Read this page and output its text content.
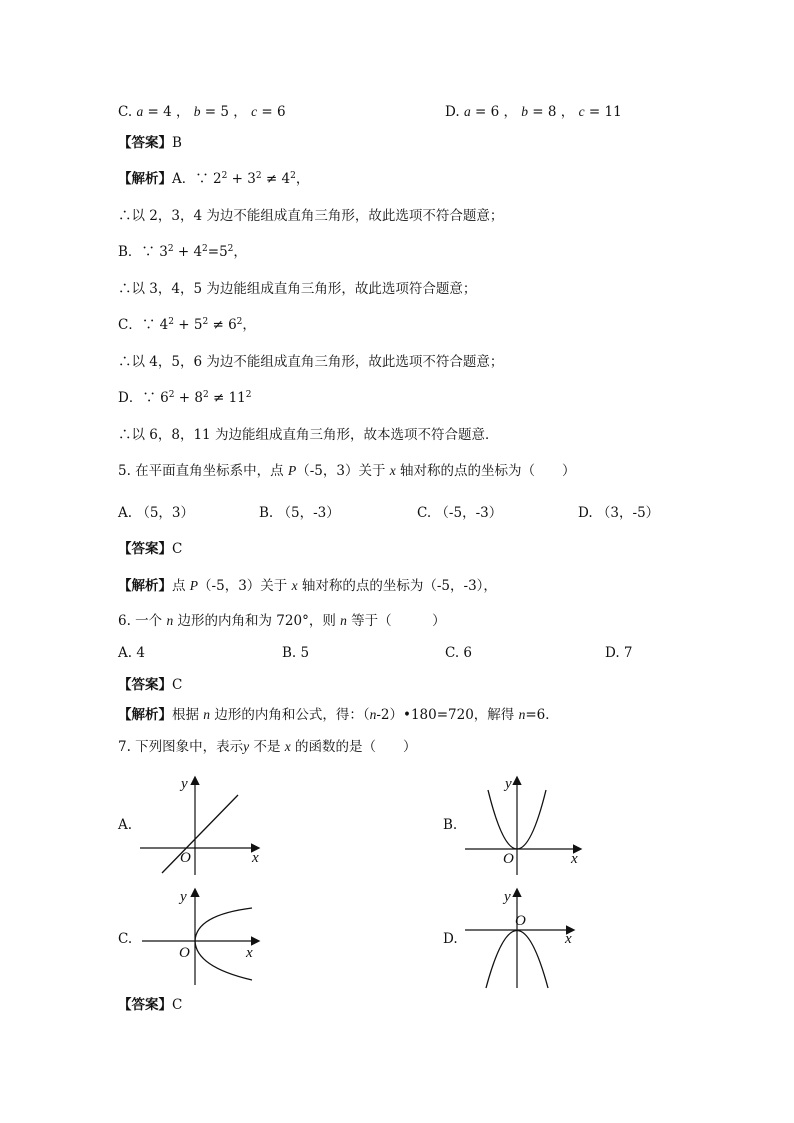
C. a = 4 ， b = 5 ， c = 6	D. a = 6 ， b = 8 ， c = 11
【答案】B
【解析】A．∵ $2^2 + 3^2 \ne 4^2$，
∴以 2，3，4 为边不能组成直角三角形，故此选项不符合题意；
B．∵ $3^2 + 4^2=5^2$，
∴以 3，4，5 为边能组成直角三角形，故此选项符合题意；
C．∵ $4^2 + 5^2 \ne 6^2$，
∴以 4，5，6 为边不能组成直角三角形，故此选项不符合题意；
D．∵ $6^2 + 8^2 \ne 11^2$
∴以 6，8，11 为边能组成直角三角形，故本选项不符合题意．
5. 在平面直角坐标系中，点 P（-5，3）关于 x 轴对称的点的坐标为（　　）
A. （5，3）	B. （5，-3）	C. （-5，-3）	D. （3，-5）
【答案】C
【解析】点 P（-5，3）关于 x 轴对称的点的坐标为（-5，-3），
6. 一个 n 边形的内角和为 720°，则 n 等于（　　　）
A. 4	B. 5	C. 6	D. 7
【答案】C
【解析】根据 n 边形的内角和公式，得：（n-2）•180=720，解得 n=6．
7. 下列图象中，表示y 不是 x 的函数的是（　　）
A.	B.
C.	D.
x
y
O	x
y
O
x
y
O
x
y
O
【答案】C
